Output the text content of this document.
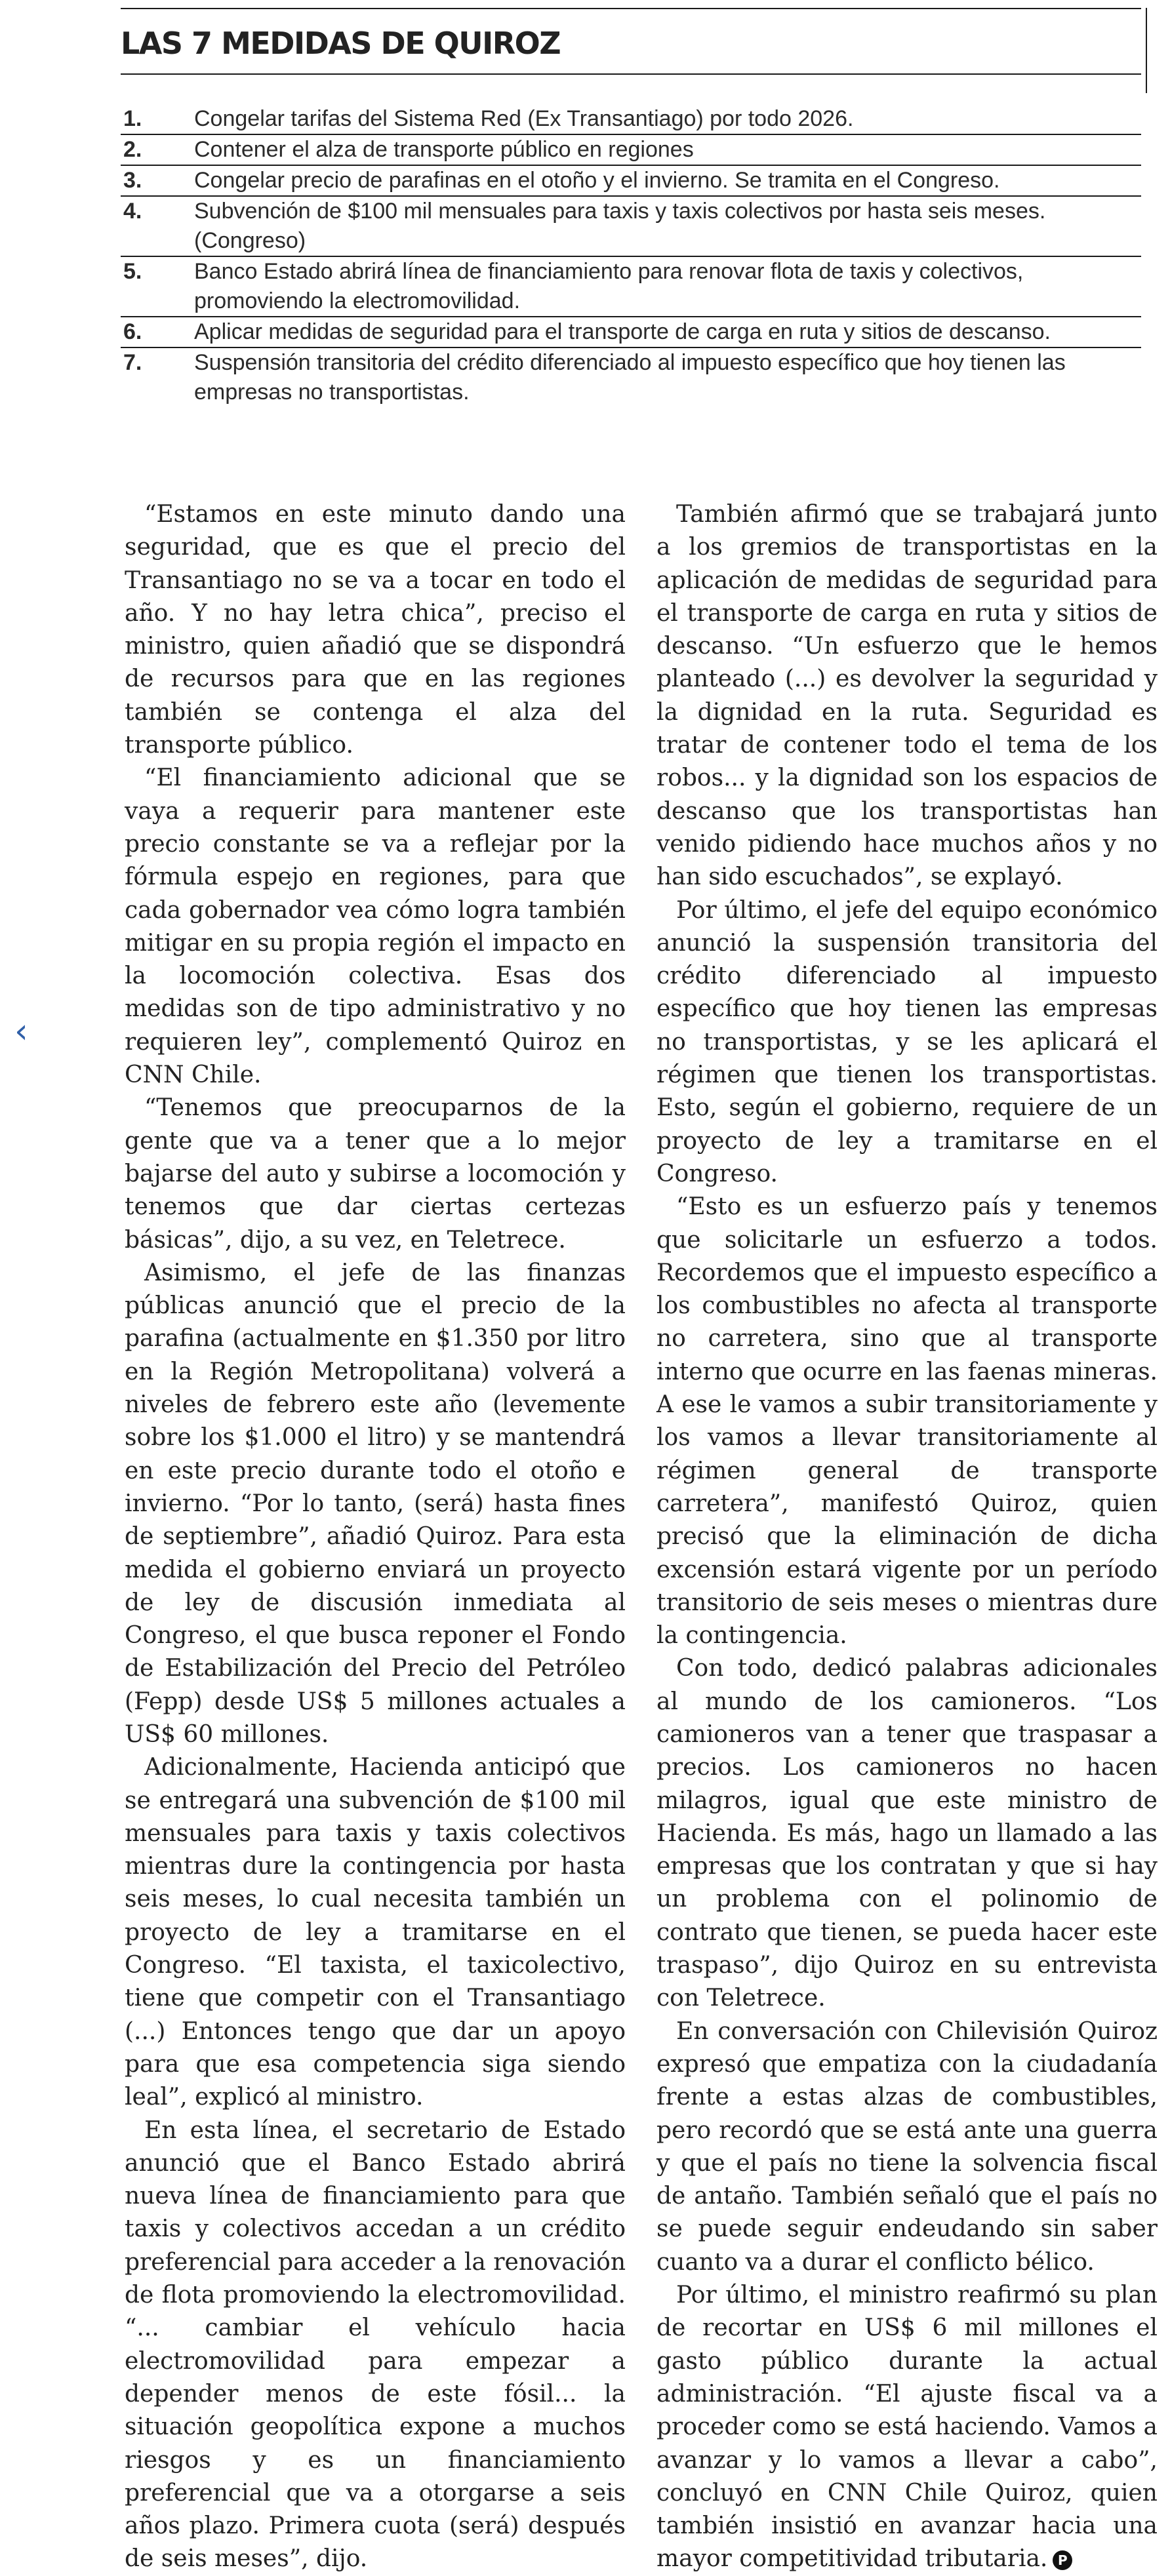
LAS 7 MEDIDAS DE QUIROZ
1.	Congelar tarifas del Sistema Red (Ex Transantiago) por todo 2026.
2.	Contener el alza de transporte público en regiones
3.	Congelar precio de parafinas en el otoño y el invierno. Se tramita en el Congreso.
4.	Subvención de $100 mil mensuales para taxis y taxis colectivos por hasta seis meses. (Congreso)
5.	Banco Estado abrirá línea de financiamiento para renovar flota de taxis y colectivos, promoviendo la electromovilidad.
6.	Aplicar medidas de seguridad para el transporte de carga en ruta y sitios de descanso.
7.	Suspensión transitoria del crédito diferenciado al impuesto específico que hoy tienen las empresas no transportistas.
‹

“Estamos en este minuto dando una seguridad, que es que el precio del Transantiago no se va a tocar en todo el año. Y no hay letra chica”, preciso el ministro, quien añadió que se dispondrá de recursos para que en las regiones también se contenga el alza del transporte público.

“El financiamiento adicional que se vaya a requerir para mantener este precio constante se va a reflejar por la fórmula espejo en regiones, para que cada gobernador vea cómo logra también mitigar en su propia región el impacto en la locomoción colectiva. Esas dos medidas son de tipo administrativo y no requieren ley”, complementó Quiroz en CNN Chile.

“Tenemos que preocuparnos de la gente que va a tener que a lo mejor bajarse del auto y subirse a locomoción y tenemos que dar ciertas certezas básicas”, dijo, a su vez, en Teletrece.

Asimismo, el jefe de las finanzas públicas anunció que el precio de la parafina (actualmente en $1.350 por litro en la Región Metropolitana) volverá a niveles de febrero este año (levemente sobre los $1.000 el litro) y se mantendrá en este precio durante todo el otoño e invierno. “Por lo tanto, (será) hasta fines de septiembre”, añadió Quiroz. Para esta medida el gobierno enviará un proyecto de ley de discusión inmediata al Congreso, el que busca reponer el Fondo de Estabilización del Precio del Petróleo (Fepp) desde US$ 5 millones actuales a US$ 60 millones.

Adicionalmente, Hacienda anticipó que se entregará una subvención de $100 mil mensuales para taxis y taxis colectivos mientras dure la contingencia por hasta seis meses, lo cual necesita también un proyecto de ley a tramitarse en el Congreso. “El taxista, el taxicolectivo, tiene que competir con el Transantiago (...) Entonces tengo que dar un apoyo para que esa competencia siga siendo leal”, explicó al ministro.

En esta línea, el secretario de Estado anunció que el Banco Estado abrirá nueva línea de financiamiento para que taxis y colectivos accedan a un crédito preferencial para acceder a la renovación de flota promoviendo la electromovilidad. “... cambiar el vehículo hacia electromovilidad para empezar a depender menos de este fósil... la situación geopolítica expone a muchos riesgos y es un financiamiento preferencial que va a otorgarse a seis años plazo. Primera cuota (será) después de seis meses”, dijo.

También afirmó que se trabajará junto a los gremios de transportistas en la aplicación de medidas de seguridad para el transporte de carga en ruta y sitios de descanso. “Un esfuerzo que le hemos planteado (...) es devolver la seguridad y la dignidad en la ruta. Seguridad es tratar de contener todo el tema de los robos... y la dignidad son los espacios de descanso que los transportistas han venido pidiendo hace muchos años y no han sido escuchados”, se explayó.

Por último, el jefe del equipo económico anunció la suspensión transitoria del crédito diferenciado al impuesto específico que hoy tienen las empresas no transportistas, y se les aplicará el régimen que tienen los transportistas. Esto, según el gobierno, requiere de un proyecto de ley a tramitarse en el Congreso.

“Esto es un esfuerzo país y tenemos que solicitarle un esfuerzo a todos. Recordemos que el impuesto específico a los combustibles no afecta al transporte no carretera, sino que al transporte interno que ocurre en las faenas mineras. A ese le vamos a subir transitoriamente y los vamos a llevar transitoriamente al régimen general de transporte carretera”, manifestó Quiroz, quien precisó que la eliminación de dicha excensión estará vigente por un período transitorio de seis meses o mientras dure la contingencia.

Con todo, dedicó palabras adicionales al mundo de los camioneros. “Los camioneros van a tener que traspasar a precios. Los camioneros no hacen milagros, igual que este ministro de Hacienda. Es más, hago un llamado a las empresas que los contratan y que si hay un problema con el polinomio de contrato que tienen, se pueda hacer este traspaso”, dijo Quiroz en su entrevista con Teletrece.

En conversación con Chilevisión Quiroz expresó que empatiza con la ciudadanía frente a estas alzas de combustibles, pero recordó que se está ante una guerra y que el país no tiene la solvencia fiscal de antaño. También señaló que el país no se puede seguir endeudando sin saber cuanto va a durar el conflicto bélico.

Por último, el ministro reafirmó su plan de recortar en US$ 6 mil millones el gasto público durante la actual administración. “El ajuste fiscal va a proceder como se está haciendo. Vamos a avanzar y lo vamos a llevar a cabo”, concluyó en CNN Chile Quiroz, quien también insistió en avanzar hacia una mayor competitividad tributaria. P
